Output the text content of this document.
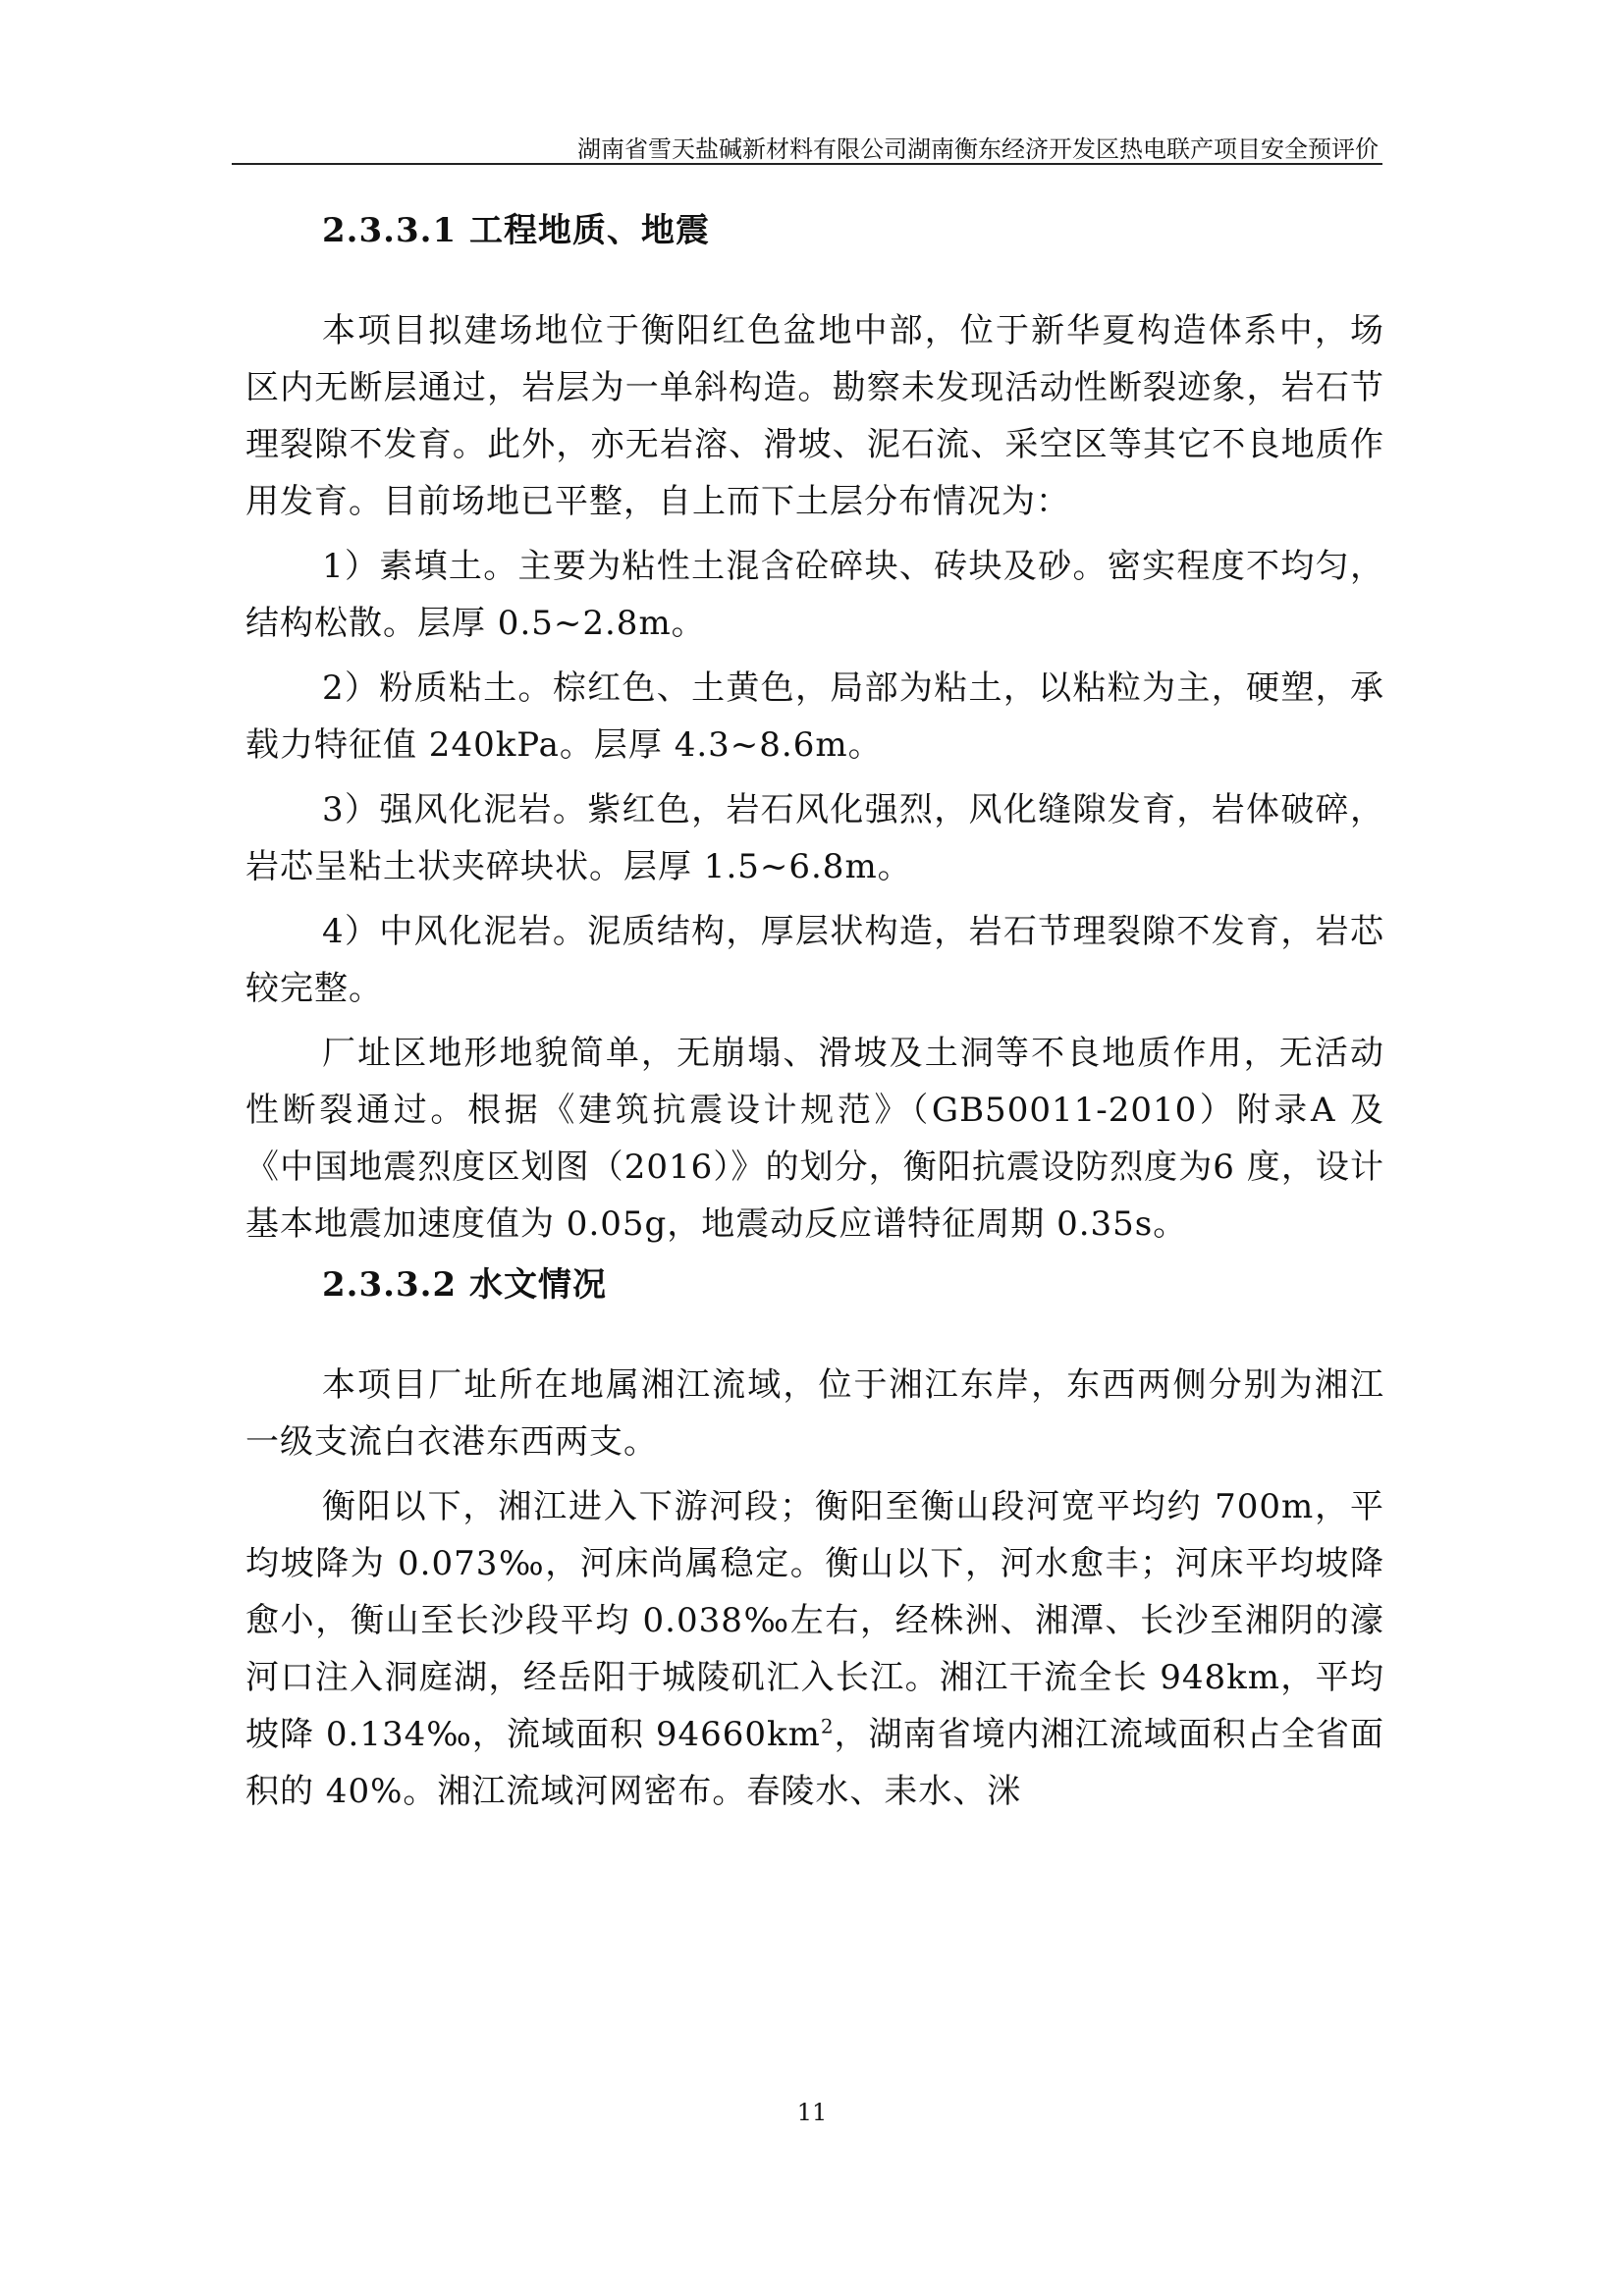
湖南省雪天盐碱新材料有限公司湖南衡东经济开发区热电联产项目安全预评价
2.3.3.1 工程地质、地震

本项目拟建场地位于衡阳红色盆地中部，位于新华夏构造体系中，场区内无断层通过，岩层为一单斜构造。勘察未发现活动性断裂迹象，岩石节理裂隙不发育。此外，亦无岩溶、滑坡、泥石流、采空区等其它不良地质作用发育。目前场地已平整，自上而下土层分布情况为：

1）素填土。主要为粘性土混含砼碎块、砖块及砂。密实程度不均匀，结构松散。层厚 0.5~2.8m。

2）粉质粘土。棕红色、土黄色，局部为粘土，以粘粒为主，硬塑，承载力特征值 240kPa。层厚 4.3~8.6m。

3）强风化泥岩。紫红色，岩石风化强烈，风化缝隙发育，岩体破碎，岩芯呈粘土状夹碎块状。层厚 1.5~6.8m。

4）中风化泥岩。泥质结构，厚层状构造，岩石节理裂隙不发育，岩芯较完整。

厂址区地形地貌简单，无崩塌、滑坡及土洞等不良地质作用，无活动性断裂通过。根据《建筑抗震设计规范》（GB50011-2010）附录A 及《中国地震烈度区划图（2016）》的划分，衡阳抗震设防烈度为6 度，设计基本地震加速度值为 0.05g，地震动反应谱特征周期 0.35s。

2.3.3.2 水文情况

本项目厂址所在地属湘江流域，位于湘江东岸，东西两侧分别为湘江一级支流白衣港东西两支。

衡阳以下，湘江进入下游河段；衡阳至衡山段河宽平均约 700m，平均坡降为 0.073‰，河床尚属稳定。衡山以下，河水愈丰；河床平均坡降愈小，衡山至长沙段平均 0.038‰左右，经株洲、湘潭、长沙至湘阴的濠河口注入洞庭湖，经岳阳于城陵矶汇入长江。湘江干流全长 948km，平均坡降 0.134‰，流域面积 $94660km^2$，湖南省境内湘江流域面积占全省面积的 40%。湘江流域河网密布。春陵水、耒水、洣

11
